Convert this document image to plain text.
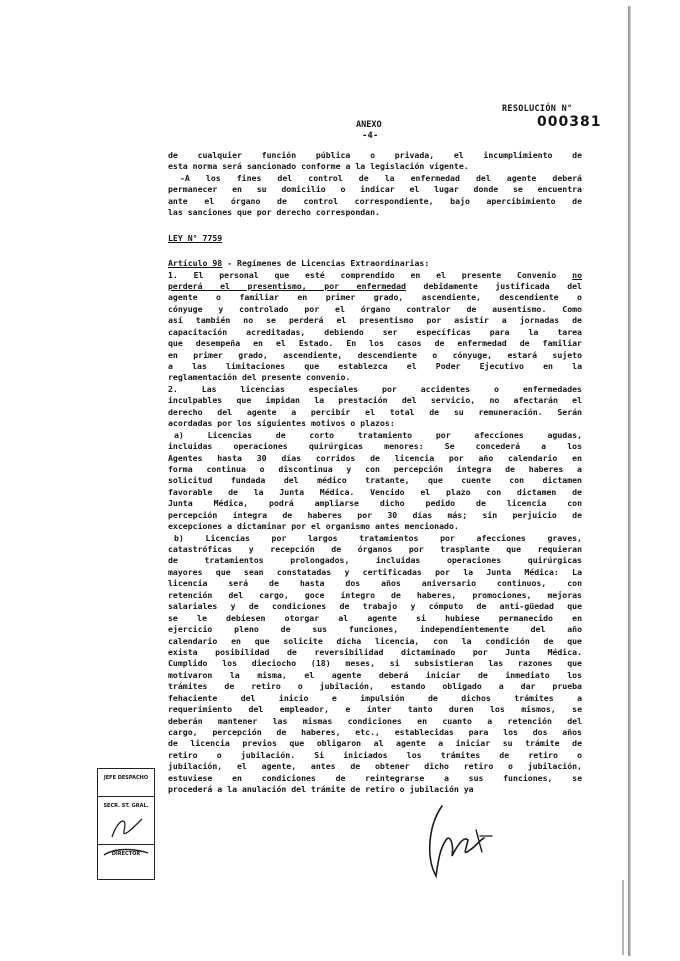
RESOLUCIÓN N°
000381
ANEXO
-4-
de cualquier función pública o privada, el incumplimiento de
esta norma será sancionado conforme a la legislación vigente.
-A los fines del control de la enfermedad del agente deberá
permanecer en su domicilio o indicar el lugar donde se encuentra
ante el órgano de control correspondiente, bajo apercibimiento de
las sanciones que por derecho correspondan.
LEY N° 7759
Artículo 98 - Regímenes de Licencias Extraordinarias:
1. El personal que esté comprendido en el presente Convenio no
perderá el presentismo, por enfermedad debidamente justificada del
agente o familiar en primer grado, ascendiente, descendiente o
cónyuge y controlado por el órgano contralor de ausentismo. Como
así también no se perderá el presentismo por asistir a jornadas de
capacitación acreditadas, debiendo ser específicas para la tarea
que desempeña en el Estado. En los casos de enfermedad de familiar
en primer grado, ascendiente, descendiente o cónyuge, estará sujeto
a las limitaciones que establezca el Poder Ejecutivo en la
reglamentación del presente convenio.
2. Las licencias especiales por accidentes o enfermedades
inculpables que impidan la prestación del servicio, no afectarán el
derecho del agente a percibir el total de su remuneración. Serán
acordadas por los siguientes motivos o plazos:
a) Licencias de corto tratamiento por afecciones agudas,
incluidas operaciones quirúrgicas menores: Se concederá a los
Agentes hasta 30 días corridos de licencia por año calendario en
forma continua o discontinua y con percepción íntegra de haberes a
solicitud fundada del médico tratante, que cuente con dictamen
favorable de la Junta Médica. Vencido el plazo con dictamen de
Junta Médica, podrá ampliarse dicho pedido de licencia con
percepción íntegra de haberes por 30 días más; sin perjuicio de
excepciones a dictaminar por el organismo antes mencionado.
b) Licencias por largos tratamientos por afecciones graves,
catastróficas y recepción de órganos por trasplante que requieran
de tratamientos prolongados, incluidas operaciones quirúrgicas
mayores que sean constatadas y certificadas por la Junta Médica: La
licencia será de hasta dos años aniversario continuos, con
retención del cargo, goce íntegro de haberes, promociones, mejoras
salariales y de condiciones de trabajo y cómputo de anti-güedad que
se le debiesen otorgar al agente si hubiese permanecido en
ejercicio pleno de sus funciones, independientemente del año
calendario en que solicite dicha licencia, con la condición de que
exista posibilidad de reversibilidad dictaminado por Junta Médica.
Cumplido los dieciocho (18) meses, si subsistieran las razones que
motivaron la misma, el agente deberá iniciar de inmediato los
trámites de retiro o jubilación, estando obligado a dar prueba
fehaciente del inicio e impulsión de dichos trámites a
requerimiento del empleador, e ínter tanto duren los mismos, se
deberán mantener las mismas condiciones en cuanto a retención del
cargo, percepción de haberes, etc., establecidas para los dos años
de licencia previos que obligaron al agente a iniciar su trámite de
retiro o jubilación. Si iniciados los trámites de retiro o
jubilación, el agente, antes de obtener dicho retiro o jubilación,
estuviese en condiciones de reintegrarse a sus funciones, se
procederá a la anulación del trámite de retiro o jubilación ya
JEFE DESPACHO
SECR. ST. GRAL.
DIRECTOR
